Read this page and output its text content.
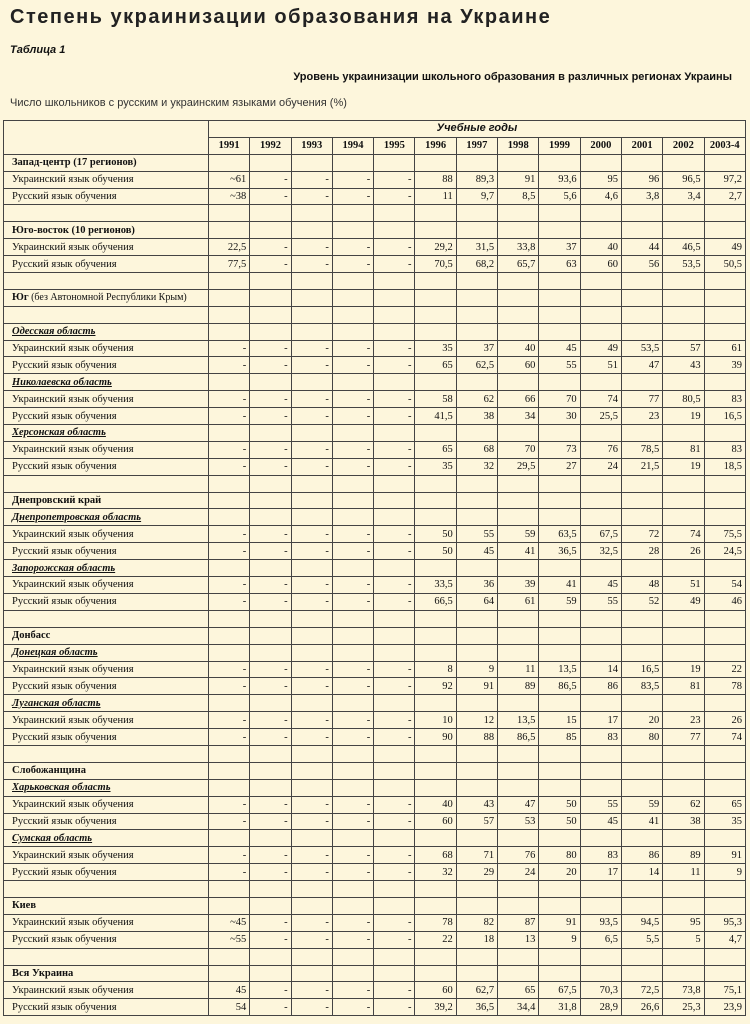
Степень украинизации образования на Украине
Таблица 1
Уровень украинизации школьного образования в различных регионах Украины
Число школьников с русским и украинским языками обучения (%)
	Учебные годы												
	1991	1992	1993	1994	1995	1996	1997	1998	1999	2000	2001	2002	2003-4
Запад-центр (17 регионов)													
Украинский язык обучения	~61	-	-	-	-	88	89,3	91	93,6	95	96	96,5	97,2
Русский язык обучения	~38	-	-	-	-	11	9,7	8,5	5,6	4,6	3,8	3,4	2,7

Юго-восток (10 регионов)													
Украинский язык обучения	22,5	-	-	-	-	29,2	31,5	33,8	37	40	44	46,5	49
Русский язык обучения	77,5	-	-	-	-	70,5	68,2	65,7	63	60	56	53,5	50,5

Юг (без Автономной Республики Крым)													

Одесская область													
Украинский язык обучения	-	-	-	-	-	35	37	40	45	49	53,5	57	61
Русский язык обучения	-	-	-	-	-	65	62,5	60	55	51	47	43	39
Николаевска область													
Украинский язык обучения	-	-	-	-	-	58	62	66	70	74	77	80,5	83
Русский язык обучения	-	-	-	-	-	41,5	38	34	30	25,5	23	19	16,5
Херсонская область													
Украинский язык обучения	-	-	-	-	-	65	68	70	73	76	78,5	81	83
Русский язык обучения	-	-	-	-	-	35	32	29,5	27	24	21,5	19	18,5

Днепровский край													
Днепропетровская область													
Украинский язык обучения	-	-	-	-	-	50	55	59	63,5	67,5	72	74	75,5
Русский язык обучения	-	-	-	-	-	50	45	41	36,5	32,5	28	26	24,5
Запорожская область													
Украинский язык обучения	-	-	-	-	-	33,5	36	39	41	45	48	51	54
Русский язык обучения	-	-	-	-	-	66,5	64	61	59	55	52	49	46

Донбасс													
Донецкая область													
Украинский язык обучения	-	-	-	-	-	8	9	11	13,5	14	16,5	19	22
Русский язык обучения	-	-	-	-	-	92	91	89	86,5	86	83,5	81	78
Луганская область													
Украинский язык обучения	-	-	-	-	-	10	12	13,5	15	17	20	23	26
Русский язык обучения	-	-	-	-	-	90	88	86,5	85	83	80	77	74

Слобожанщина													
Харьковская область													
Украинский язык обучения	-	-	-	-	-	40	43	47	50	55	59	62	65
Русский язык обучения	-	-	-	-	-	60	57	53	50	45	41	38	35
Сумская область													
Украинский язык обучения	-	-	-	-	-	68	71	76	80	83	86	89	91
Русский язык обучения	-	-	-	-	-	32	29	24	20	17	14	11	9

Киев													
Украинский язык обучения	~45	-	-	-	-	78	82	87	91	93,5	94,5	95	95,3
Русский язык обучения	~55	-	-	-	-	22	18	13	9	6,5	5,5	5	4,7

Вся Украина													
Украинский язык обучения	45	-	-	-	-	60	62,7	65	67,5	70,3	72,5	73,8	75,1
Русский язык обучения	54	-	-	-	-	39,2	36,5	34,4	31,8	28,9	26,6	25,3	23,9
